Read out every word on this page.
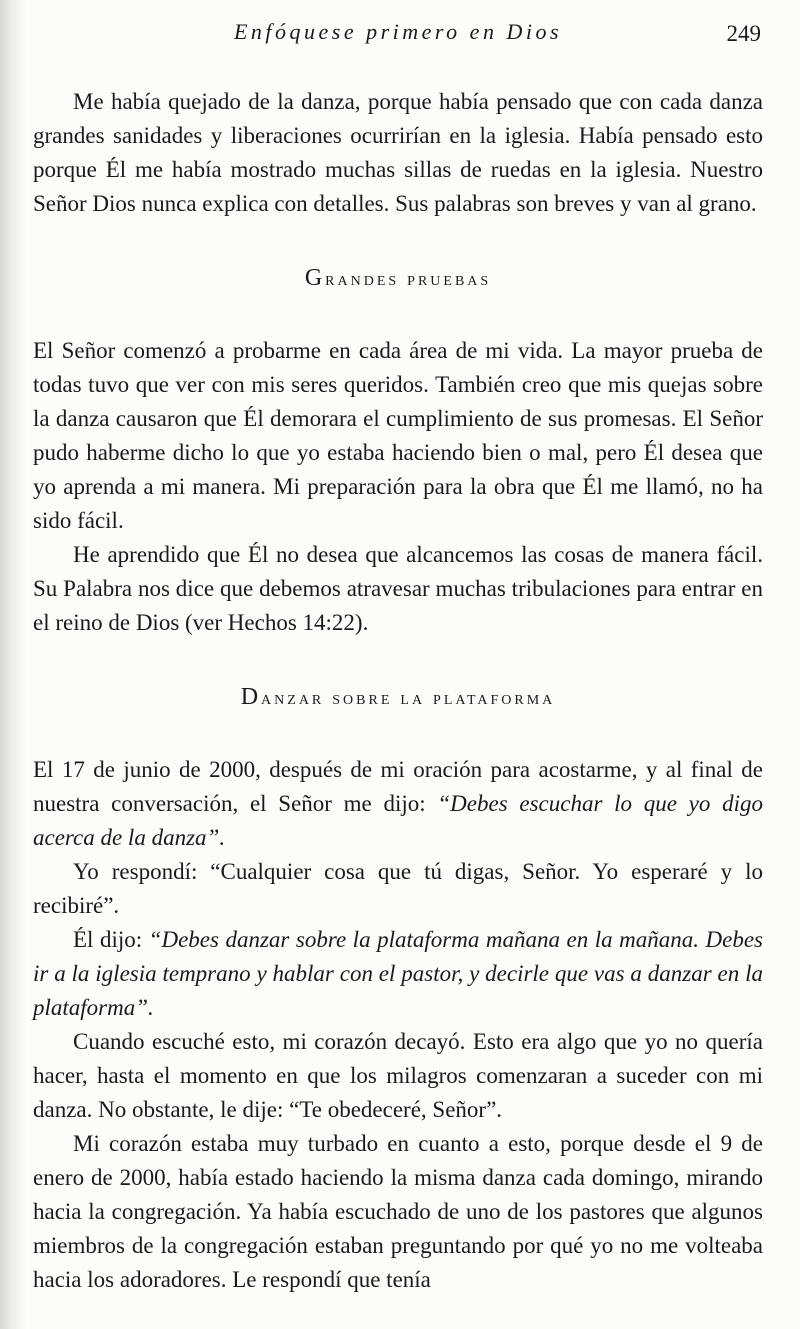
Enfóquese primero en Dios	249

Me había quejado de la danza, porque había pensado que con cada danza grandes sanidades y liberaciones ocurrirían en la iglesia. Había pensado esto porque Él me había mostrado muchas sillas de ruedas en la iglesia. Nuestro Señor Dios nunca explica con detalles. Sus palabras son breves y van al grano.

Grandes pruebas

El Señor comenzó a probarme en cada área de mi vida. La mayor prueba de todas tuvo que ver con mis seres queridos. También creo que mis quejas sobre la danza causaron que Él demorara el cumplimiento de sus promesas. El Señor pudo haberme dicho lo que yo estaba haciendo bien o mal, pero Él desea que yo aprenda a mi manera. Mi preparación para la obra que Él me llamó, no ha sido fácil.

He aprendido que Él no desea que alcancemos las cosas de manera fácil. Su Palabra nos dice que debemos atravesar muchas tribulaciones para entrar en el reino de Dios (ver Hechos 14:22).

Danzar sobre la plataforma

El 17 de junio de 2000, después de mi oración para acostarme, y al final de nuestra conversación, el Señor me dijo: “Debes escuchar lo que yo digo acerca de la danza”.

Yo respondí: “Cualquier cosa que tú digas, Señor. Yo esperaré y lo recibiré”.

Él dijo: “Debes danzar sobre la plataforma mañana en la mañana. Debes ir a la iglesia temprano y hablar con el pastor, y decirle que vas a danzar en la plataforma”.

Cuando escuché esto, mi corazón decayó. Esto era algo que yo no quería hacer, hasta el momento en que los milagros comenzaran a suceder con mi danza. No obstante, le dije: “Te obedeceré, Señor”.

Mi corazón estaba muy turbado en cuanto a esto, porque desde el 9 de enero de 2000, había estado haciendo la misma danza cada domingo, mirando hacia la congregación. Ya había escuchado de uno de los pastores que algunos miembros de la congregación estaban preguntando por qué yo no me volteaba hacia los adoradores. Le respondí que tenía
